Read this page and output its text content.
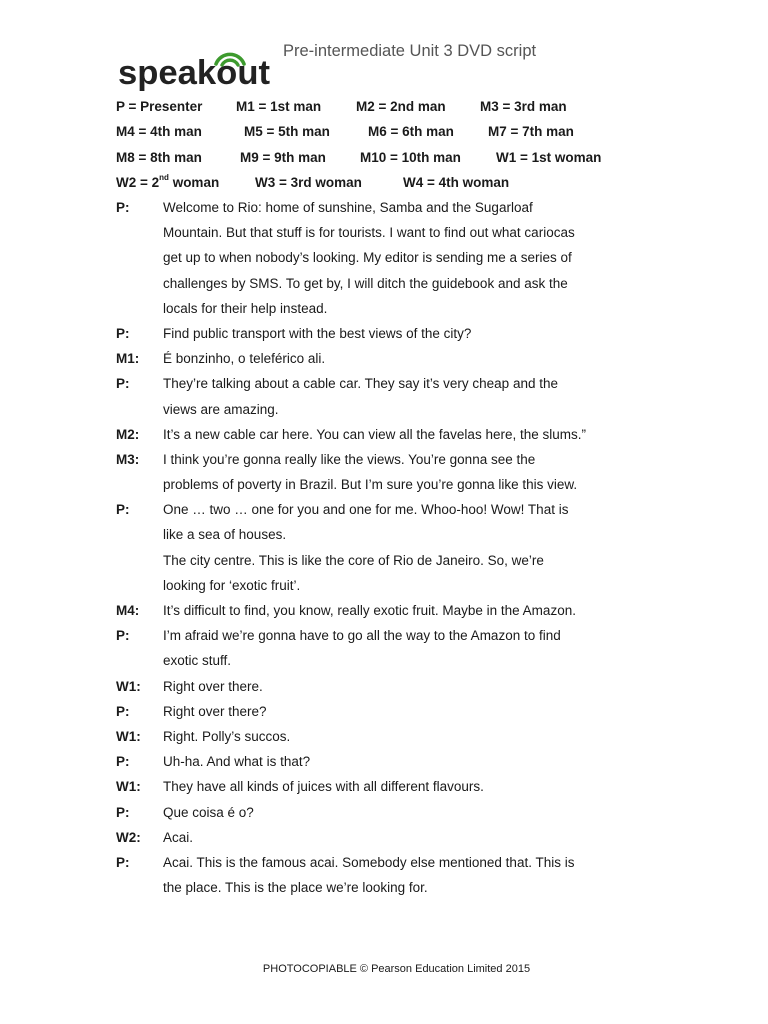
speakout
Pre-intermediate Unit 3 DVD script
P = Presenter M1 = 1st man	M2 = 2nd man	M3 = 3rd man
M4 = 4th man	M5 = 5th man	M6 = 6th man	M7 = 7th man
M8 = 8th man	M9 = 9th man	M10 = 10th man	W1 = 1st woman
W2 = 2nd woman	W3 = 3rd woman	W4 = 4th woman
P:	Welcome to Rio: home of sunshine, Samba and the Sugarloaf
Mountain. But that stuff is for tourists. I want to find out what cariocas
get up to when nobody’s looking. My editor is sending me a series of
challenges by SMS. To get by, I will ditch the guidebook and ask the
locals for their help instead.
P:	Find public transport with the best views of the city?
M1:	É bonzinho, o teleférico ali.
P:	They’re talking about a cable car. They say it’s very cheap and the
views are amazing.
M2:	It’s a new cable car here. You can view all the favelas here, the slums.”
M3:	I think you’re gonna really like the views. You’re gonna see the
problems of poverty in Brazil. But I’m sure you’re gonna like this view.
P:	One … two … one for you and one for me. Whoo-hoo! Wow! That is
like a sea of houses.
The city centre. This is like the core of Rio de Janeiro. So, we’re
looking for ‘exotic fruit’.
M4:	It’s difficult to find, you know, really exotic fruit. Maybe in the Amazon.
P:	I’m afraid we’re gonna have to go all the way to the Amazon to find
exotic stuff.
W1:	Right over there.
P:	Right over there?
W1:	Right. Polly’s succos.
P:	Uh-ha. And what is that?
W1:	They have all kinds of juices with all different flavours.
P:	Que coisa é o?
W2:	Acai.
P:	Acai. This is the famous acai. Somebody else mentioned that. This is
the place. This is the place we’re looking for.
PHOTOCOPIABLE © Pearson Education Limited 2015
